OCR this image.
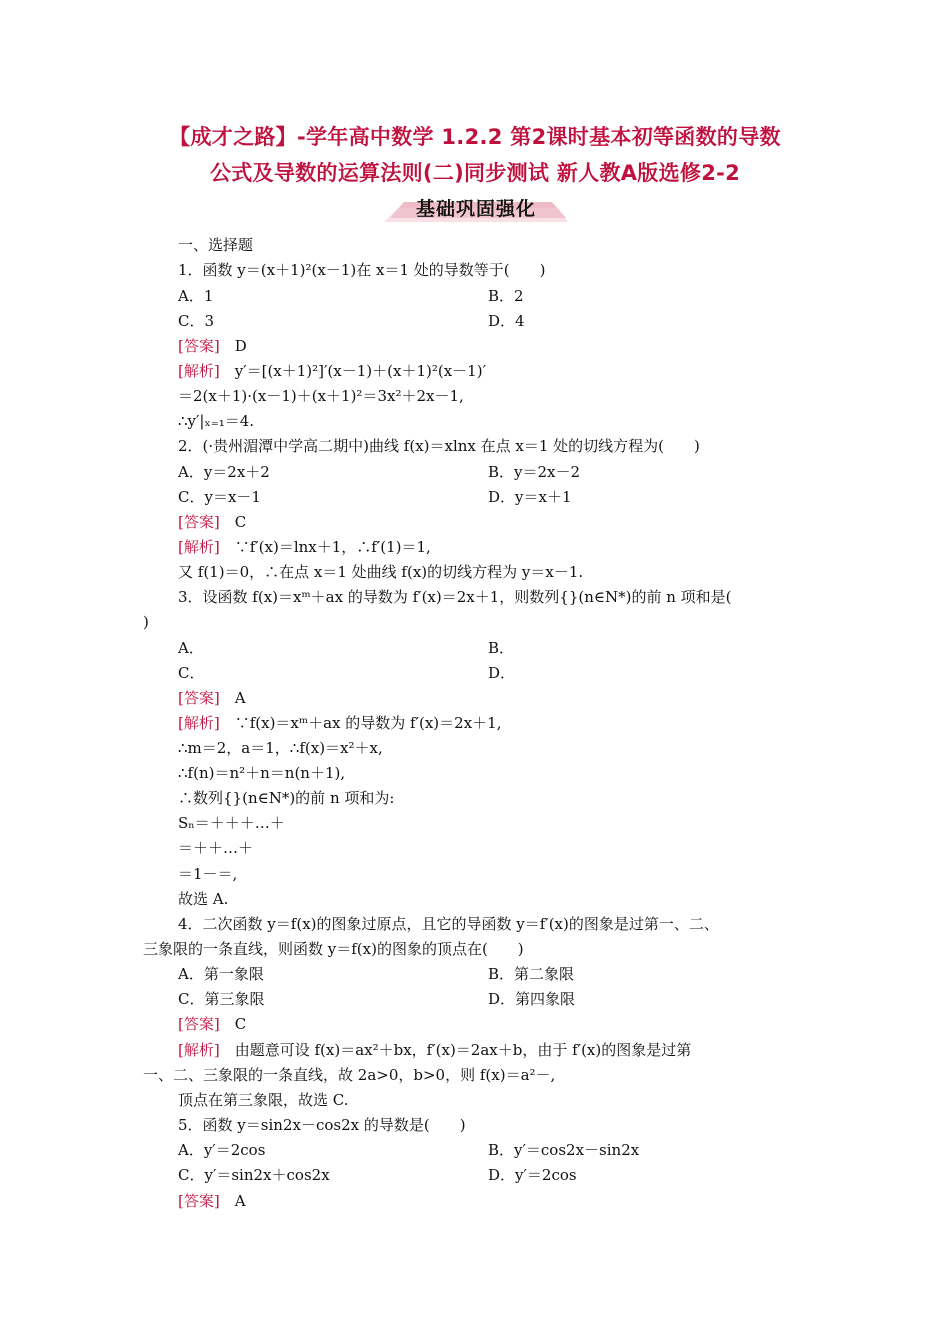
【成才之路】-学年高中数学 1.2.2 第2课时基本初等函数的导数
公式及导数的运算法则(二)同步测试 新人教A版选修2-2
基础巩固强化
一、选择题
1．函数 y＝(x＋1)²(x－1)在 x＝1 处的导数等于(　　)
A．1	B．2
C．3	D．4
[答案]　D
[解析]　y′＝[(x＋1)²]′(x－1)＋(x＋1)²(x－1)′
＝2(x＋1)·(x－1)＋(x＋1)²＝3x²＋2x－1,
∴y′|ₓ₌₁＝4.
2．(·贵州湄潭中学高二期中)曲线 f(x)＝xlnx 在点 x＝1 处的切线方程为(　　)
A．y＝2x＋2	B．y＝2x－2
C．y＝x－1	D．y＝x＋1
[答案]　C
[解析]　∵f′(x)＝lnx＋1，∴f′(1)＝1,
又 f(1)＝0，∴在点 x＝1 处曲线 f(x)的切线方程为 y＝x－1.
3．设函数 f(x)＝xᵐ＋ax 的导数为 f′(x)＝2x＋1，则数列{}(n∈N*)的前 n 项和是(
)
A．	B．
C．	D．
[答案]　A
[解析]　∵f(x)＝xᵐ＋ax 的导数为 f′(x)＝2x＋1,
∴m＝2，a＝1，∴f(x)＝x²＋x,
∴f(n)＝n²＋n＝n(n＋1),
∴数列{}(n∈N*)的前 n 项和为:
Sₙ＝＋＋＋…＋
＝＋＋…＋
＝1－＝,
故选 A.
4．二次函数 y＝f(x)的图象过原点，且它的导函数 y＝f′(x)的图象是过第一、二、
三象限的一条直线，则函数 y＝f(x)的图象的顶点在(　　)
A．第一象限	B．第二象限
C．第三象限	D．第四象限
[答案]　C
[解析]　由题意可设 f(x)＝ax²＋bx，f′(x)＝2ax＋b，由于 f′(x)的图象是过第
一、二、三象限的一条直线，故 2a>0，b>0，则 f(x)＝a²－,
顶点在第三象限，故选 C.
5．函数 y＝sin2x－cos2x 的导数是(　　)
A．y′＝2cos	B．y′＝cos2x－sin2x
C．y′＝sin2x＋cos2x	D．y′＝2cos
[答案]　A
